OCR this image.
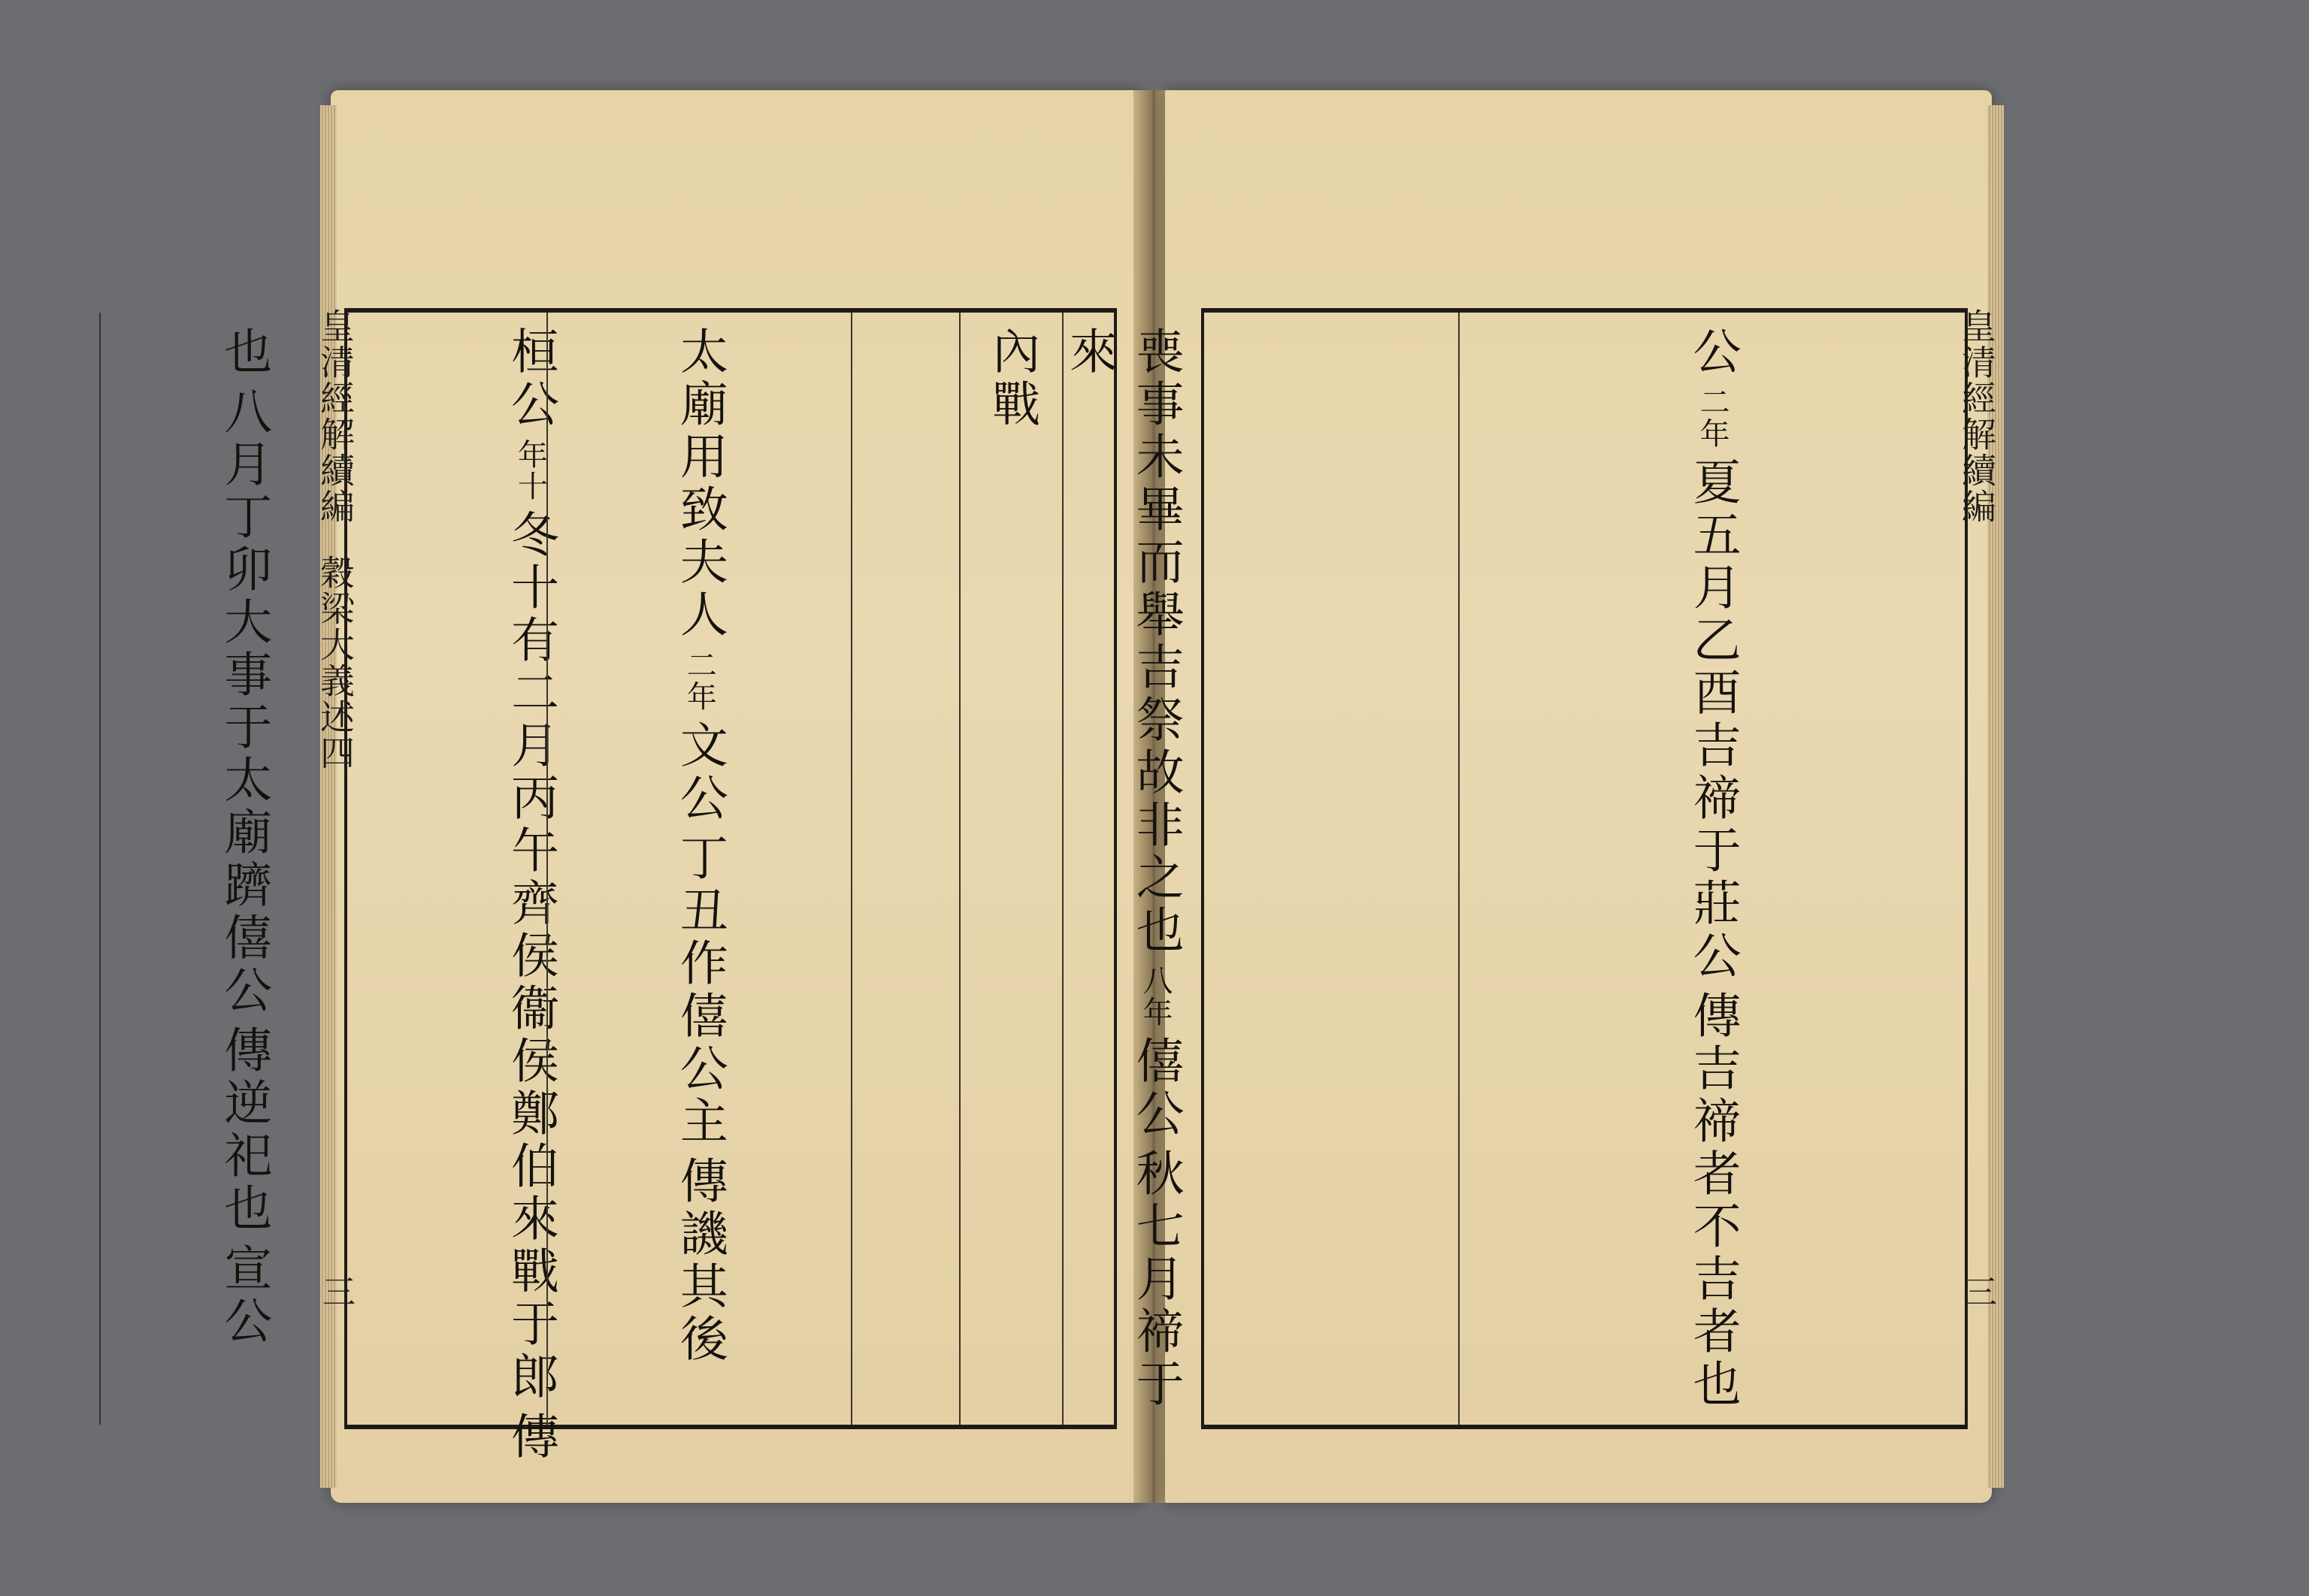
皇清經解續編
穀梁大義述四
三
來
內戰
桓公
年十
冬十有二月丙午齊侯衞侯鄭伯來戰于郎
傳
皇清經解續編
三
公
二年
夏五月乙酉吉禘于莊公
傳吉禘者不吉者也
喪事未畢而舉吉祭故非之也
八年
僖公
秋七月禘于
太廟用致夫人
二年
文公
丁丑作僖公主
傳譏其後
也
八月丁卯大事于太廟躋僖公
傳逆祀也
宣公
